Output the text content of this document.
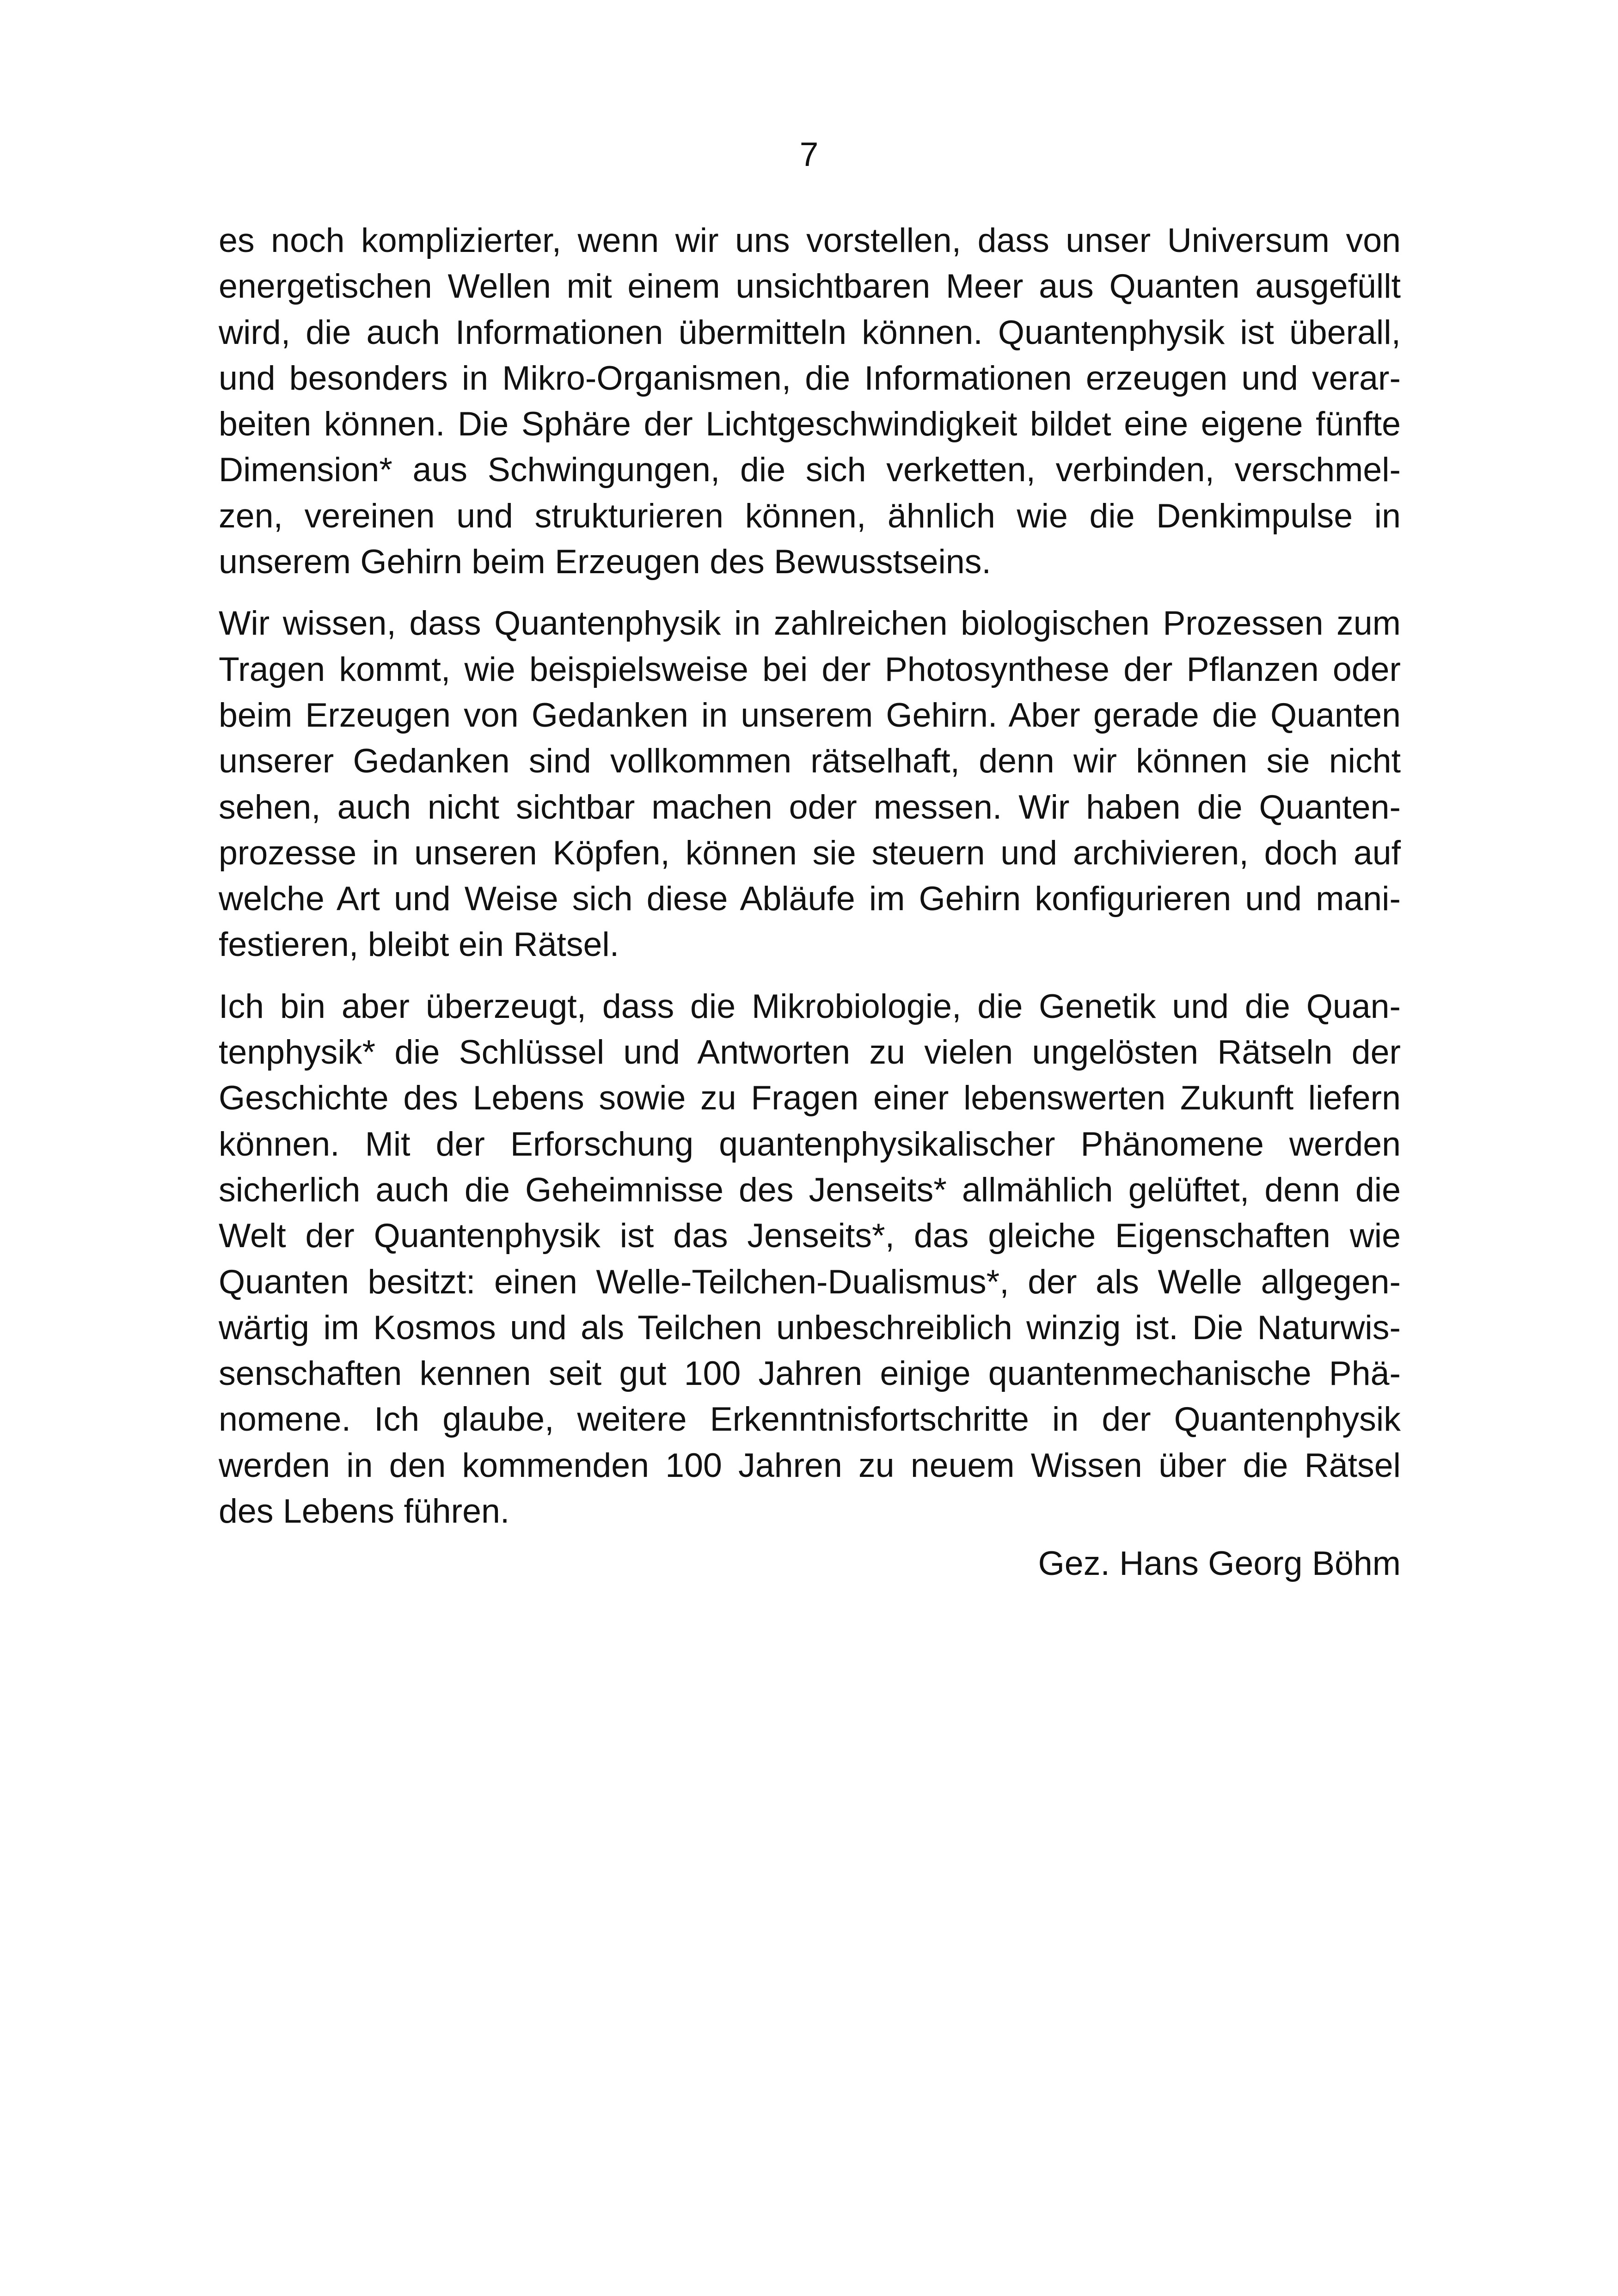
7

es noch komplizierter, wenn wir uns vorstellen, dass unser Universum von
energetischen Wellen mit einem unsichtbaren Meer aus Quanten ausgefüllt
wird, die auch Informationen übermitteln können. Quantenphysik ist überall,
und besonders in Mikro-Organismen, die Informationen erzeugen und verar-
beiten können. Die Sphäre der Lichtgeschwindigkeit bildet eine eigene fünfte
Dimension* aus Schwingungen, die sich verketten, verbinden, verschmel-
zen, vereinen und strukturieren können, ähnlich wie die Denkimpulse in
unserem Gehirn beim Erzeugen des Bewusstseins.

Wir wissen, dass Quantenphysik in zahlreichen biologischen Prozessen zum
Tragen kommt, wie beispielsweise bei der Photosynthese der Pflanzen oder
beim Erzeugen von Gedanken in unserem Gehirn. Aber gerade die Quanten
unserer Gedanken sind vollkommen rätselhaft, denn wir können sie nicht
sehen, auch nicht sichtbar machen oder messen. Wir haben die Quanten-
prozesse in unseren Köpfen, können sie steuern und archivieren, doch auf
welche Art und Weise sich diese Abläufe im Gehirn konfigurieren und mani-
festieren, bleibt ein Rätsel.

Ich bin aber überzeugt, dass die Mikrobiologie, die Genetik und die Quan-
tenphysik* die Schlüssel und Antworten zu vielen ungelösten Rätseln der
Geschichte des Lebens sowie zu Fragen einer lebenswerten Zukunft liefern
können. Mit der Erforschung quantenphysikalischer Phänomene werden
sicherlich auch die Geheimnisse des Jenseits* allmählich gelüftet, denn die
Welt der Quantenphysik ist das Jenseits*, das gleiche Eigenschaften wie
Quanten besitzt: einen Welle-Teilchen-Dualismus*, der als Welle allgegen-
wärtig im Kosmos und als Teilchen unbeschreiblich winzig ist. Die Naturwis-
senschaften kennen seit gut 100 Jahren einige quantenmechanische Phä-
nomene. Ich glaube, weitere Erkenntnisfortschritte in der Quantenphysik
werden in den kommenden 100 Jahren zu neuem Wissen über die Rätsel
des Lebens führen.

Gez. Hans Georg Böhm
